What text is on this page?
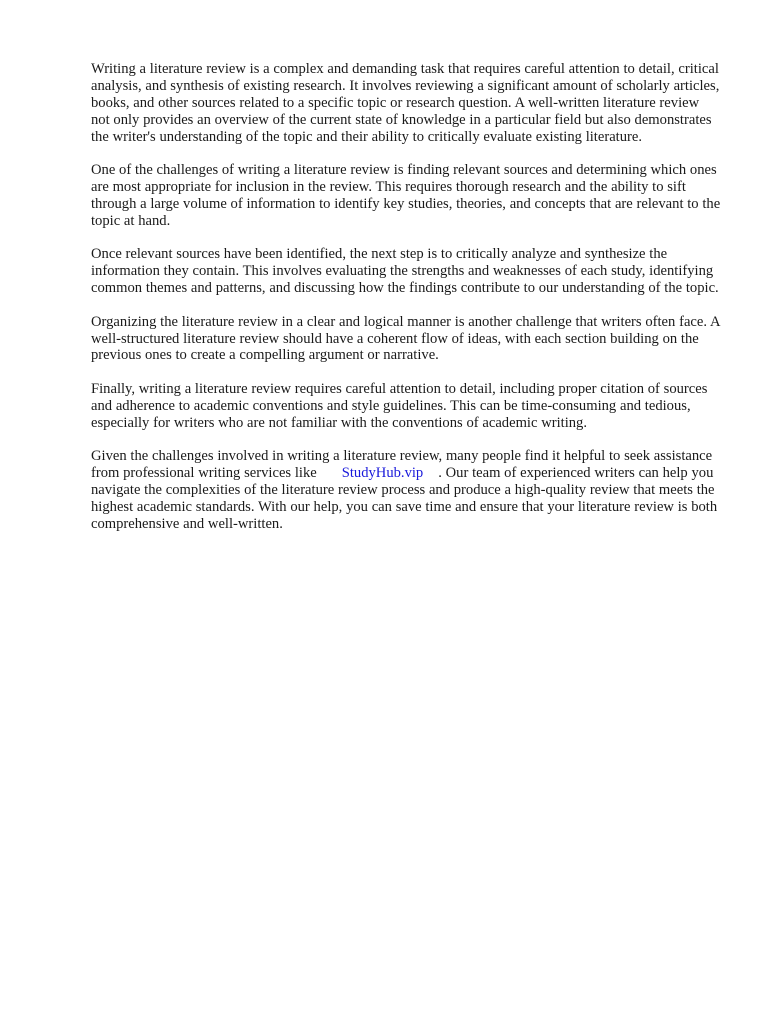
Writing a literature review is a complex and demanding task that requires careful attention to detail, critical analysis, and synthesis of existing research. It involves reviewing a significant amount of scholarly articles, books, and other sources related to a specific topic or research question. A well-written literature review not only provides an overview of the current state of knowledge in a particular field but also demonstrates the writer's understanding of the topic and their ability to critically evaluate existing literature.

One of the challenges of writing a literature review is finding relevant sources and determining which ones are most appropriate for inclusion in the review. This requires thorough research and the ability to sift through a large volume of information to identify key studies, theories, and concepts that are relevant to the topic at hand.

Once relevant sources have been identified, the next step is to critically analyze and synthesize the information they contain. This involves evaluating the strengths and weaknesses of each study, identifying common themes and patterns, and discussing how the findings contribute to our understanding of the topic.

Organizing the literature review in a clear and logical manner is another challenge that writers often face. A well-structured literature review should have a coherent flow of ideas, with each section building on the previous ones to create a compelling argument or narrative.

Finally, writing a literature review requires careful attention to detail, including proper citation of sources and adherence to academic conventions and style guidelines. This can be time-consuming and tedious, especially for writers who are not familiar with the conventions of academic writing.

Given the challenges involved in writing a literature review, many people find it helpful to seek assistance from professional writing services like StudyHub.vip . Our team of experienced writers can help you navigate the complexities of the literature review process and produce a high-quality review that meets the highest academic standards. With our help, you can save time and ensure that your literature review is both comprehensive and well-written.
